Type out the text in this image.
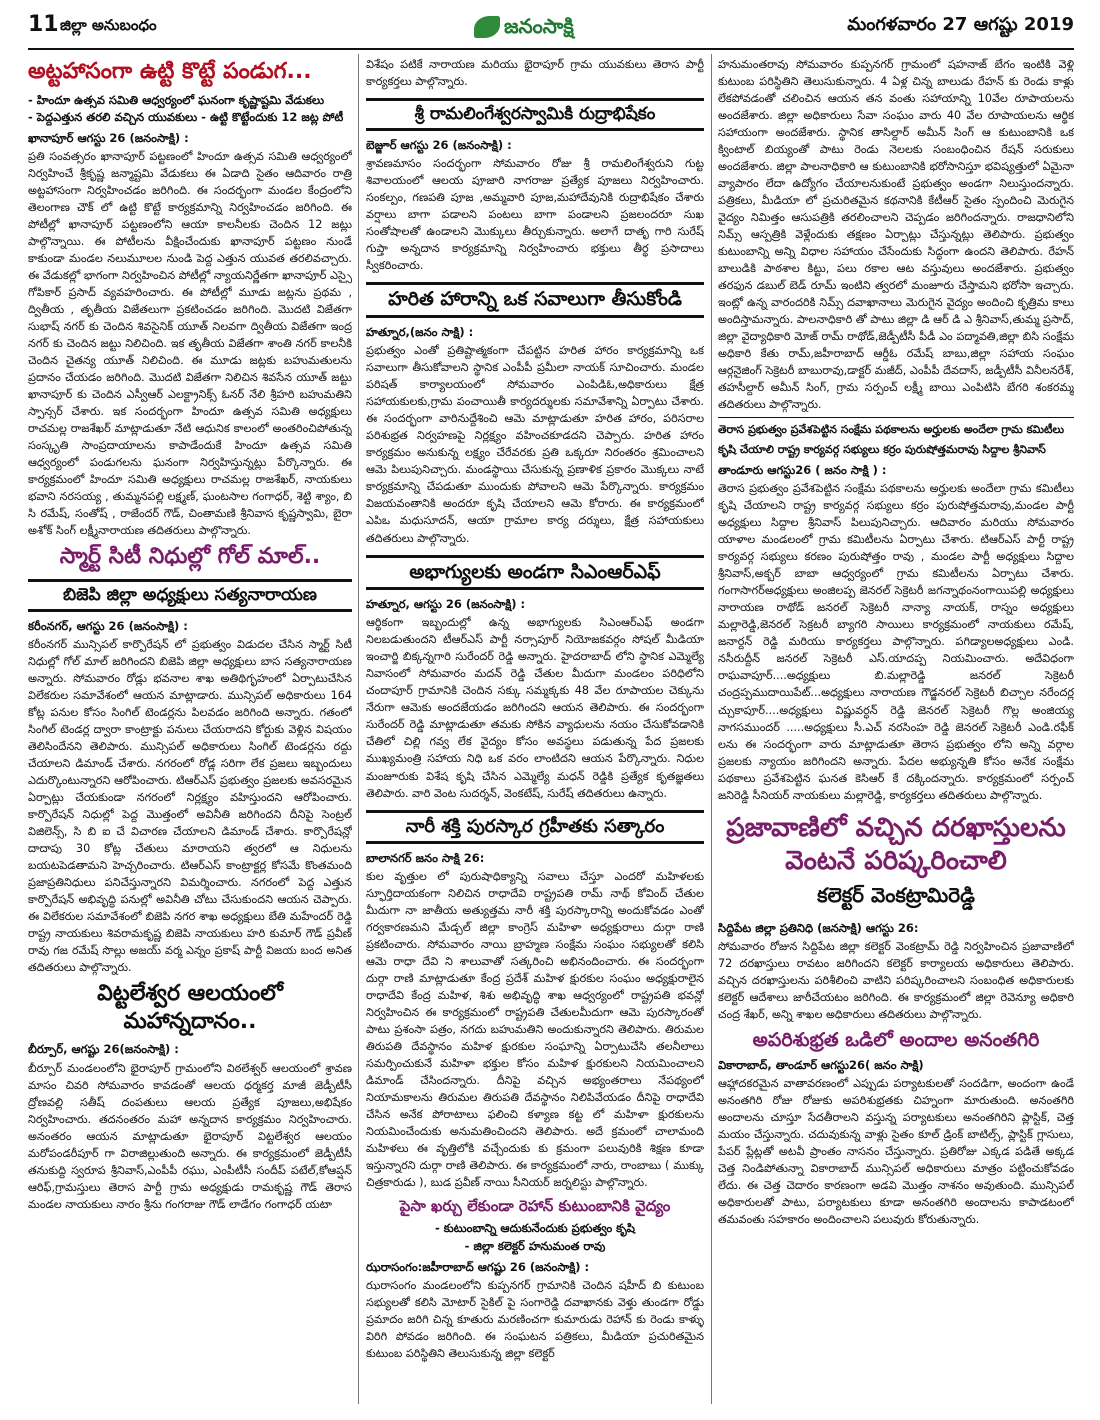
11 జిల్లా అనుబంధం	జనంసాక్షి	మంగళవారం 27 ఆగష్టు 2019
అట్టహాసంగా ఉట్టి కొట్టే పండుగ...
- హిందూ ఉత్సవ సమితి ఆధ్వర్యంలో ఘనంగా కృష్ణాష్టమి వేడుకలు
- పెద్దఎత్తున తరలి వచ్చిన యువకులు - ఉట్టి కొట్టేందుకు 12 జట్ల పోటీ
ఖానాపూర్ ఆగస్టు 26 (జనంసాక్షి) :

ప్రతి సంవత్సరం ఖానాపూర్ పట్టణంలో హిందూ ఉత్సవ సమితి ఆధ్వర్యంలో నిర్వహించే శ్రీకృష్ణ జన్మాష్టమి వేడుకలు ఈ ఏడాది సైతం ఆదివారం రాత్రి అట్టహాసంగా నిర్వహించడం జరిగింది. ఈ సందర్భంగా మండల కేంద్రంలోని తెలంగాణ చౌక్ లో ఉట్టి కొట్టే కార్యక్రమాన్ని నిర్వహించడం జరిగింది. ఈ పోటీల్లో ఖానాపూర్ పట్టణంలోని ఆయా కాలనీలకు చెందిన 12 జట్లు పాల్గొన్నాయి. ఈ పోటీలను వీక్షించేందుకు ఖానాపూర్ పట్టణం నుండే కాకుండా మండల నలుమూలల నుండి పెద్ద ఎత్తున యువత తరలివచ్చారు. ఈ వేడుకల్లో భాగంగా నిర్వహించిన పోటీల్లో న్యాయనిర్ణేతగా ఖానాపూర్ ఎస్సై గోపికార్ ప్రసాద్ వ్యవహరించారు. ఈ పోటీల్లో మూడు జట్లను ప్రథమ , ద్వితీయ , తృతీయ విజేతలుగా ప్రకటించడం జరిగింది. మొదటి విజేతగా సుభాష్ నగర్ కు చెందిన శివసైనిక్ యూత్ నిలవగా ద్వితీయ విజేతగా ఇంద్ర నగర్ కు చెందిన జట్టు నిలిచింది. ఇక తృతీయ విజేతగా శాంతి నగర్ కాలనీకి చెందిన చైతన్య యూత్ నిలిచింది. ఈ మూడు జట్లకు బహుమతులను ప్రదానం చేయడం జరిగింది. మొదటి విజేతగా నిలిచిన శివసేన యూత్ జట్టు ఖానాపూర్ కు చెందిన ఎస్వీఆర్ ఎలక్ట్రానిక్స్ ఓనర్ నేలి శ్రీహరి బహుమతిని స్పాన్సర్ చేశారు. ఇక సందర్భంగా హిందూ ఉత్సవ సమితి అధ్యక్షులు రాచమల్ల రాజశేఖర్ మాట్లాడుతూ నేటి ఆధునిక కాలంలో అంతరించిపోతున్న సంస్కృతి సాంప్రదాయాలను కాపాడేందుకే హిందూ ఉత్సవ సమితి ఆధ్వర్యంలో పండుగలను ఘనంగా నిర్వహిస్తున్నట్లు పేర్కొన్నారు. ఈ కార్యక్రమంలో హిందూ సమితి అధ్యక్షులు రాచమల్ల రాజశేఖర్, నాయకులు భవాని నరసయ్య , తుమ్మనపల్లి లక్ష్మణ్, ఘంటసాల గంగాధర్, శెట్టి శ్యాం, బి సి రమేష్, సంతోష్ , రాజేందర్ గౌడ్, చింతామణి శ్రీనివాస కృష్ణస్వామి, బైరా అశోక్ సింగ్ లక్ష్మీనారాయణ తదితరులు పాల్గొన్నారు.

స్మార్ట్ సిటీ నిధుల్లో గోల్ మాల్..
బిజెపి జిల్లా అధ్యక్షులు సత్యనారాయణ
కరీంనగర్, ఆగస్టు 26 (జనంసాక్షి) :

కరీంనగర్ మున్సిపల్ కార్పొరేషన్ లో ప్రభుత్వం విడుదల చేసిన స్మార్ట్ సిటీ నిధుల్లో గోల్ మాల్ జరిగిందని బిజెపి జిల్లా అధ్యక్షులు బాస సత్యనారాయణ అన్నారు. సోమవారం రోడ్లు భవనాల శాఖ అతిథిగృహంలో ఏర్పాటుచేసిన విలేకరుల సమావేశంలో ఆయన మాట్లాడారు. మున్సిపల్ అధికారులు 164 కోట్ల పనుల కోసం సింగిల్ టెండర్లను పిలవడం జరిగింది అన్నారు. గతంలో సింగిల్ టెండర్ల ద్వారా కాంట్రాక్టు పనులు చేయరాదని కోర్టుకు వెళ్లిన విషయం తెలిసిందేనని తెలిపారు. మున్సిపల్ అధికారులు సింగిల్ టెండర్లను రద్దు చేయాలని డిమాండ్ చేశారు. నగరంలో రోడ్ల సరిగా లేక ప్రజలు ఇబ్బందులు ఎదుర్కొంటున్నారని ఆరోపించారు. టిఆర్ఎస్ ప్రభుత్వం ప్రజలకు అవసరమైన ఏర్పాట్లు చేయకుండా నగరంలో నిర్లక్ష్యం వహిస్తుందని ఆరోపించారు. కార్పొరేషన్ నిధుల్లో పెద్ద మొత్తంలో అవినీతి జరిగిందని దీనిపై సెంట్రల్ విజిలెన్స్, సి బి ఐ చే విచారణ చేయాలని డిమాండ్ చేశారు. కార్పొరేషన్లో దాదాపు 30 కోట్ల చేతులు మారాయని త్వరలో ఆ నిధులను బయటపెడతామని హెచ్చరించారు. టిఆర్ఎస్ కాంట్రాక్టర్ల కోసమే కొంతమంది ప్రజాప్రతినిధులు పనిచేస్తున్నారని విమర్శించారు. నగరంలో పెద్ద ఎత్తున కార్పొరేషన్ అభివృద్ధి పనుల్లో అవినీతి చోటు చేసుకుందని ఆయన చెప్పారు. ఈ విలేకరుల సమావేశంలో బిజెపి నగర శాఖ అధ్యక్షులు బేతి మహేందర్ రెడ్డి రాష్ట్ర నాయకులు శివరామకృష్ణ బిజెపి నాయకులు హరి కుమార్ గౌడ్ ప్రవీణ్ రావు గజ రమేష్ సొల్లు అజయ్ వర్మ ఎన్నం ప్రకాష్ పార్టీ విజయ బంద అనిత తదితరులు పాల్గొన్నారు.

విట్టలేశ్వర ఆలయంలో మహాన్నదానం..
బీర్పూర్, ఆగష్టు 26(జనంసాక్షి) :

బీర్పూర్ మండలంలోని భైరాపూర్ గ్రామంలోని విఠలేశ్వర్ ఆలయంలో శ్రావణ మాసం చివరి సోమవారం కావడంతో ఆలయ ధర్మకర్త మాజీ జెడ్పీటీసీ ద్రోణవల్లి సతీష్ దంపతులు ఆలయ ప్రత్యేక పూజలు,అభిషేకం నిర్వహించారు. తదనంతరం మహా అన్నదాన కార్యక్రమం నిర్వహించారు. అనంతరం ఆయన మాట్లాడుతూ భైరాపూర్ విట్టలేశ్వర ఆలయం మరోపండరీపూర్ గా విరాజిల్లుతుంది అన్నారు. ఈ కార్యక్రమంలో జెడ్పీటీసీ తనుకుద్ది స్వరూప శ్రీనివాస్,ఎంపీపీ రఘు, ఎంపీటీసీ సందీప్ పటేల్,కోఆప్షన్ ఆరిఫ్,గ్రామస్తులు తెరాస పార్టీ గ్రామ అధ్యక్షుడు రామకృష్ణ గౌడ్ తెరాస మండల నాయకులు నారం శ్రీను గంగరాజు గౌడ్ లాడేగం గంగాధర్ యటా

విశేషం పటికే నారాయణ మరియు భైరాపూర్ గ్రామ యువకులు తెరాస పార్టీ కార్యకర్తలు పాల్గొన్నారు.

శ్రీ రామలింగేశ్వరస్వామికి రుద్రాభిషేకం
బెజ్జూర్ ఆగస్టు 26 (జనంసాక్షి) :

శ్రావణమాసం సందర్భంగా సోమవారం రోజు శ్రీ రామలింగేశ్వరుని గుట్ట శివాలయంలో ఆలయ పూజారి నాగరాజు ప్రత్యేక పూజలు నిర్వహించారు. సంకల్పం, గణపతి పూజ ,అమ్మవారి పూజ,మహాదేవునికి రుద్రాభిషేకం చేశారు వర్షాలు బాగా పడాలని పంటలు బాగా పండాలని ప్రజలందరూ సుఖ సంతోషాలతో ఉండాలని మొక్కులు తీర్చుకున్నారు. అలాగే దాతృ గారి సురేష్ గుప్తా అన్నదాన కార్యక్రమాన్ని నిర్వహించారు భక్తులు తీర్థ ప్రసాదాలు స్వీకరించారు.

హరిత హారాన్ని ఒక సవాలుగా తీసుకోండి
హత్నూర,(జనం సాక్షి) :

ప్రభుత్వం ఎంతో ప్రతిష్టాత్మకంగా చేపట్టిన హరిత హారం కార్యక్రమాన్ని ఒక సవాలుగా తీసుకోవాలని స్థానిక ఎంపీపీ ప్రమీలా నాయక్ సూచించారు. మండల పరిషత్ కార్యాలయంలో సోమవారం ఎంపిడిఓ,అధికారులు క్షేత్ర సహాయకులకు,గ్రామ పంచాయితీ కార్యదర్శులకు సమావేశాన్ని ఏర్పాటు చేశారు. ఈ సందర్భంగా వారినుద్దేశించి ఆమె మాట్లాడుతూ హరిత హారం, పరిసరాల పరిశుభ్రత నిర్వహణపై నిర్లక్ష్యం వహించకూడదని చెప్పారు. హరిత హారం కార్యక్రమం అనుకున్న లక్ష్యం చేరేవరకు ప్రతి ఒక్కరూ నిరంతరం శ్రమించాలని ఆమె పిలుపునిచ్చారు. మండస్థాయి చేసుకున్న ప్రణాళిక ప్రకారం మొక్కలు నాటే కార్యక్రమాన్ని చేపడుతూ ముందుకు పోవాలని ఆమె పేర్కొన్నారు. కార్యక్రమం విజయవంతానికి అందరూ కృషి చేయాలని ఆమె కోరారు. ఈ కార్యక్రమంలో ఎపిఒ మధుసూదన్, ఆయా గ్రామాల కార్య దర్శులు, క్షేత్ర సహాయకులు తదితరులు పాల్గొన్నారు.

అభాగ్యులకు అండగా సిఎంఆర్ఎఫ్
హత్నూర, ఆగస్టు 26 (జనంసాక్షి) :

ఆర్థికంగా ఇబ్బందుల్లో ఉన్న అభాగ్యులకు సిఎంఆర్ఎఫ్ అండగా నిలబడుతుందని టీఆర్ఎస్ పార్టీ నర్సాపూర్ నియోజకవర్గం సోషల్ మీడియా ఇంచార్జి బిక్కన్నగారి సురేందర్ రెడ్డి అన్నారు. హైదరాబాద్ లోని స్థానిక ఎమ్మెల్యే నివాసంలో సోమవారం మదన్ రెడ్డి చేతుల మీదుగా మండలం పరిధిలోని చందాపూర్ గ్రామానికి చెందిన సక్కు సమ్మక్కకు 48 వేల రూపాయల చెక్కును నేరుగా ఆమెకు అందజేయడం జరిగిందని ఆయన తెలిపారు. ఈ సందర్భంగా సురేందర్ రెడ్డి మాట్లాడుతూ తమకు సోకిన వ్యాధులను నయం చేసుకోవడానికి చేతిలో చిల్లి గవ్వ లేక వైద్యం కోసం అవస్థలు పడుతున్న పేద ప్రజలకు ముఖ్యమంత్రి సహాయ నిధి ఒక వరం లాంటిదని ఆయన పేర్కొన్నారు. నిధుల మంజూరుకు విశేష కృషి చేసిన ఎమ్మెల్యే మధన్ రెడ్డికి ప్రత్యేక కృతజ్ఞతలు తెలిపారు. వారి వెంట సుదర్శన్, వెంకటేష్, సురేష్ తదితరులు ఉన్నారు.

నారీ శక్తి పురస్కార గ్రహీతకు సత్కారం
బాలానగర్ జనం సాక్షి 26:

కుల వృత్తుల లో పురుషాధిక్యాన్ని సవాలు చేస్తూ ఎందరో మహిళలకు స్ఫూర్తిదాయకంగా నిలిచిన రాధాదేవి రాష్ట్రపతి రామ్ నాథ్ కోవింద్ చేతుల మీదుగా నా జాతీయ అత్యుత్తమ నారీ శక్తి పురస్కారాన్ని అందుకోవడం ఎంతో గర్వకారణమని మేడ్చల్ జిల్లా కాంగ్రెస్ మహిళా అధ్యక్షురాలు దుర్గా రాణి ప్రకటించారు. సోమవారం నాయి బ్రాహ్మణ సంక్షేమ సంఘం సభ్యులతో కలిసి ఆమె రాధా దేవి ని శాలువాతో సత్కరించి అభినందించారు. ఈ సందర్భంగా దుర్గా రాణి మాట్లాడుతూ కేంద్ర ప్రదేశ్ మహిళ క్షురకుల సంఘం అధ్యక్షురాలైన రాధాదేవి కేంద్ర మహిళ, శిశు అభివృద్ధి శాఖ ఆధ్వర్యంలో రాష్ట్రపతి భవన్లో నిర్వహించిన ఈ కార్యక్రమంలో రాష్ట్రపతి చేతులమీదుగా ఆమె పురస్కారంతో పాటు ప్రశంసా పత్రం, నగదు బహుమతిని అందుకున్నారని తెలిపారు. తిరుమల తిరుపతి దేవస్థానం మహిళ క్షురకుల సంఘాన్ని ఏర్పాటుచేసి తలనీలాలు సమర్పించుకునే మహిళా భక్తుల కోసం మహిళ క్షురకులని నియమించాలని డిమాండ్ చేసిందన్నారు. దీనిపై వచ్చిన అభ్యంతరాలు నేపథ్యంలో నియామకాలను తిరుమల తిరుపతి దేవస్థానం నిలిపివేయడం దీనిపై రాధాదేవి చేసిన అనేక పోరాటాలు ఫలించి కళ్యాణ కట్ట లో మహిళా క్షురకులను నియమించేందుకు అనుమతించిందని తెలిపారు. అదే క్రమంలో చాలామంది మహిళలు ఈ వృత్తిలోకి వచ్చేందుకు కు క్రమంగా పలువురికి శిక్షణ కూడా ఇస్తున్నారని దుర్గా రాణి తెలిపారు. ఈ కార్యక్రమంలో నారు, రాంబాబు ( ముక్కు చిత్రకారుడు ), బుడ ప్రవీణ్ నాయి సీనియర్ జర్నలిస్టు పాల్గొన్నారు.

పైసా ఖర్చు లేకుండా రెహాన్ కుటుంబానికి వైద్యం
- కుటుంబాన్ని ఆదుకునేందుకు ప్రభుత్వం కృషి
- జిల్లా కలెక్టర్ హనుమంత రావు
ఝరాసంగం:జహీరాబాద్ ఆగష్టు 26 (జనంసాక్షి) :

ఝరాసంగం మండలంలోని కుప్పనగర్ గ్రామానికి చెందిన షహీద్ బి కుటుంబ సభ్యులతో కలిసి మోటార్ సైకిల్ పై సంగారెడ్డి దవాఖానకు వెళ్తు తుండగా రోడ్డు ప్రమాదం జరిగి చిన్న కూతురు మరణించగా కుమారుడు రెహాన్ కు రెండు కాళ్ళు విరిగి పోవడం జరిగింది. ఈ సంఘటన పత్రికలు, మీడియా ప్రచురితమైన కుటుంబ పరిస్థితిని తెలుసుకున్న జిల్లా కలెక్టర్

హనుమంతరావు సోమవారం కుప్పనగర్ గ్రామంలో షహనాజ్ బేగం ఇంటికి వెళ్లి కుటుంబ పరిస్థితిని తెలుసుకున్నారు. 4 ఏళ్ల చిన్న బాలుడు రేహన్ కు రెండు కాళ్లు లేకపోవడంతో చలించిన ఆయన తన వంతు సహాయాన్ని 10వేల రూపాయలను అందజేశారు. జిల్లా అధికారులు సేవా సంఘం వారు 40 వేల రూపాయలను ఆర్థిక సహాయంగా అందజేశారు. స్థానిక తాసిల్దార్ అమీన్ సింగ్ ఆ కుటుంబానికి ఒక క్వింటాల్ బియ్యంతో పాటు రెండు నెలలకు సంబంధించిన రేషన్ సరుకులు అందజేశారు. జిల్లా పాలనాధికారి ఆ కుటుంబానికి భరోసానిస్తూ భవిష్యత్తులో ఏమైనా వ్యాపారం లేదా ఉద్యోగం చేయాలనుకుంటే ప్రభుత్వం అండగా నిలుస్తుందన్నారు. పత్రికలు, మీడియా లో ప్రచురితమైన కథనానికి కేటీఆర్ సైతం స్పందించి మెరుగైన వైద్యం నిమిత్తం ఆసుపత్రికి తరలించాలని చెప్పడం జరిగిందన్నారు. రాజధానిలోని నిమ్స్ ఆస్పత్రికి వెళ్లేందుకు తక్షణం ఏర్పాట్లు చేస్తున్నట్లు తెలిపారు. ప్రభుత్వం కుటుంబాన్ని అన్ని విధాల సహాయం చేసేందుకు సిద్ధంగా ఉందని తెలిపారు. రేహన్ బాలుడికి పాఠశాల కిట్టు, పలు రకాల ఆట వస్తువులు అందజేశారు. ప్రభుత్వం తరఫున డబుల్ బెడ్ రూమ్ ఇంటిని త్వరలో మంజూరు చేస్తామని భరోసా ఇచ్చారు. ఇంట్లో ఉన్న వారందరికి నిమ్స్ దవాఖానాలు మెరుగైన వైద్యం అందించి కృత్రిమ కాలు అందిస్తామన్నారు. పాలనాధికారి తో పాటు జిల్లా డి ఆర్ డి ఎ శ్రీనివాస్,తుమ్మ ప్రసాద్, జిల్లా వైద్యాధికారి మోజ్ రామ్ రాథోడ్,జెడ్పీటీసీ పీడీ ఎం పద్మావతి,జిల్లా బిసి సంక్షేమ అధికారి కేతు రామ్,జహీరాబాద్ ఆర్డీఓ రమేష్ బాబు,జిల్లా సహాయ సంఘం ఆర్గనైజింగ్ సెక్రెటరీ బాబురావు,డాక్టర్ మజీద్, ఎంపీపీ దేవదాస్, జడ్పీటీసీ వినీలనరేశ్, తహసీల్దార్ అమీన్ సింగ్, గ్రామ సర్పంచ్ లక్ష్మీ బాయి ఎంపిటిసి బేగరి శంకరమ్మ తదితరులు పాల్గొన్నారు.

తెరాస ప్రభుత్వం ప్రవేశపెట్టిన సంక్షేమ పథకాలను అర్హులకు అందేలా గ్రామ కమిటీలు
కృషి చేయాలి రాష్ట్ర కార్యవర్గ సభ్యులు కర్రం పురుషోత్తమరావు సిద్దాల శ్రీనివాస్
తాండూరు ఆగస్టు26 ( జనం సాక్షి ) :

తెరాస ప్రభుత్వం ప్రవేశపెట్టిన సంక్షేమ పథకాలను అర్హులకు అందేలా గ్రామ కమిటీలు కృషి చేయాలని రాష్ట్ర కార్యవర్గ సభ్యులు కర్రం పురుషోత్తమరావు,మండల పార్టీ అధ్యక్షులు సిద్దాల శ్రీనివాస్ పిలుపునిచ్చారు. ఆదివారం మరియు సోమవారం యాళాల మండలంలో గ్రామ కమిటీలను ఏర్పాటు చేశారు. టిఆర్ఎస్ పార్టీ రాష్ట్ర కార్యవర్గ సభ్యులు కరణం పురుషోత్తం రావు , మండల పార్టీ అధ్యక్షులు సిద్దాల శ్రీనివాస్,అక్బర్ బాబా ఆధ్వర్యంలో గ్రామ కమిటీలను ఏర్పాటు చేశారు. గంగాసాగర్అధ్యక్షులు అంజిలప్ప జెనరల్ సెక్రెటరీ జగన్నాథంనంగాయిపల్లి అధ్యక్షులు నారాయణ రాథోడ్ జనరల్ సెక్రెటరీ నాన్యా నాయక్, రాస్నం అధ్యక్షులు మల్లారెడ్డి,జెనరల్ సెక్రటరీ బ్యాగరి సాయిలు కార్యక్రమంలో నాయకులు రమేష్, జనార్దన్ రెడ్డి మరియు కార్యకర్తలు పాల్గొన్నారు. పగిడ్యాలఅధ్యక్షులు ఎండి. నసీరుద్దీన్ జనరల్ సెక్రెటరీ ఎస్.యాదప్ప నియమించారు. అదేవిధంగా రాఘవాపూర్....అధ్యక్షులు బి.మల్లారెడ్డి జనరల్ సెక్రెటరీ చంద్రప్పముదాయిపేట్...అధ్యక్షులు నారాయణ గౌడ్జనరల్ సెక్రెటరీ బిచ్చాల నరేందర్ల చ్చుకాపూర్....అధ్యక్షులు విష్ణువర్ధన్ రెడ్డి జెనరల్ సెక్రెటరీ గొల్ల అంజియ్య నాగసముందర్ .....అధ్యక్షులు సీ.ఎచ్ నరసింహ రెడ్డి జెనరల్ సెక్రెటరీ ఎండి.రఫీక్ లను ఈ సందర్భంగా వారు మాట్లాడుతూ తెరాస ప్రభుత్వం లోని అన్ని వర్గాల ప్రజలకు న్యాయం జరిగిందని అన్నారు. పేదల అభ్యున్నతి కోసం అనేక సంక్షేమ పథకాలు ప్రవేశపెట్టిన ఘనత కెసిఆర్ కే దక్కిందన్నారు. కార్యక్రమంలో సర్పంచ్ జనిరెడ్డి సీనియర్ నాయకులు మల్లారెడ్డి, కార్యకర్తలు తదితరులు పాల్గొన్నారు.

ప్రజావాణిలో వచ్చిన దరఖాస్తులను వెంటనే పరిష్కరించాలి
కలెక్టర్ వెంకట్రామిరెడ్డి
సిద్దిపేట జిల్లా ప్రతినిధి (జనసాక్షి) ఆగస్టు 26:

సోమవారం రోజున సిద్దిపేట జిల్లా కలెక్టర్ వెంకట్రామ్ రెడ్డి నిర్వహించిన ప్రజావాణిలో 72 దరఖాస్తులు రావటం జరిగిందని కలెక్టర్ కార్యాలయ అధికారులు తెలిపారు. వచ్చిన దరఖాస్తులను పరిశీలించి వాటిని పరిష్కరించాలని సంబంధిత అధికారులకు కలెక్టర్ ఆదేశాలు జారీచేయటం జరిగింది. ఈ కార్యక్రమంలో జిల్లా రెవెన్యూ అధికారి చంద్ర శేఖర్, అన్ని శాఖల అధికారులు తదితరులు పాల్గొన్నారు.

అపరిశుభ్రత ఒడిలో అందాల అనంతగిరి
వికారాబాద్, తాండూర్ ఆగస్టు26( జనం సాక్షి)

ఆహ్లాదకరమైన వాతావరణంలో ఎప్పుడు పర్యాటకులతో సందడిగా, అందంగా ఉండే అనంతగిరి రోజు రోజుకు అపరిశుభ్రతకు చిహ్నంగా మారుతుంది. అనంతగిరి అందాలను చూస్తూ సేదతీరాలని వస్తున్న పర్యాటకులు అనంతగిరిని ప్లాస్టిక్, చెత్త మయం చేస్తున్నారు. చదువుకున్న వాళ్లు సైతం కూల్ డ్రింక్ బాటిల్స్, ప్లాస్టిక్ గ్లాసులు, పేపర్ ప్లేట్లతో అటవీ ప్రాంతం నాసనం చేస్తున్నారు. ప్రతిరోజు ఎక్కడ పడితే అక్కడ చెత్త నిండిపోతున్నా వికారాబాద్ మున్సిపల్ అధికారులు మాత్రం పట్టించుకోవడం లేదు. ఈ చెత్త చెదారం కారణంగా అడవి మొత్తం నాశనం అవుతుంది. మున్సిపల్ అధికారులతో పాటు, పర్యాటకులు కూడా అనంతగిరి అందాలను కాపాడటంలో తమవంతు సహకారం అందించాలని పలువురు కోరుతున్నారు.
